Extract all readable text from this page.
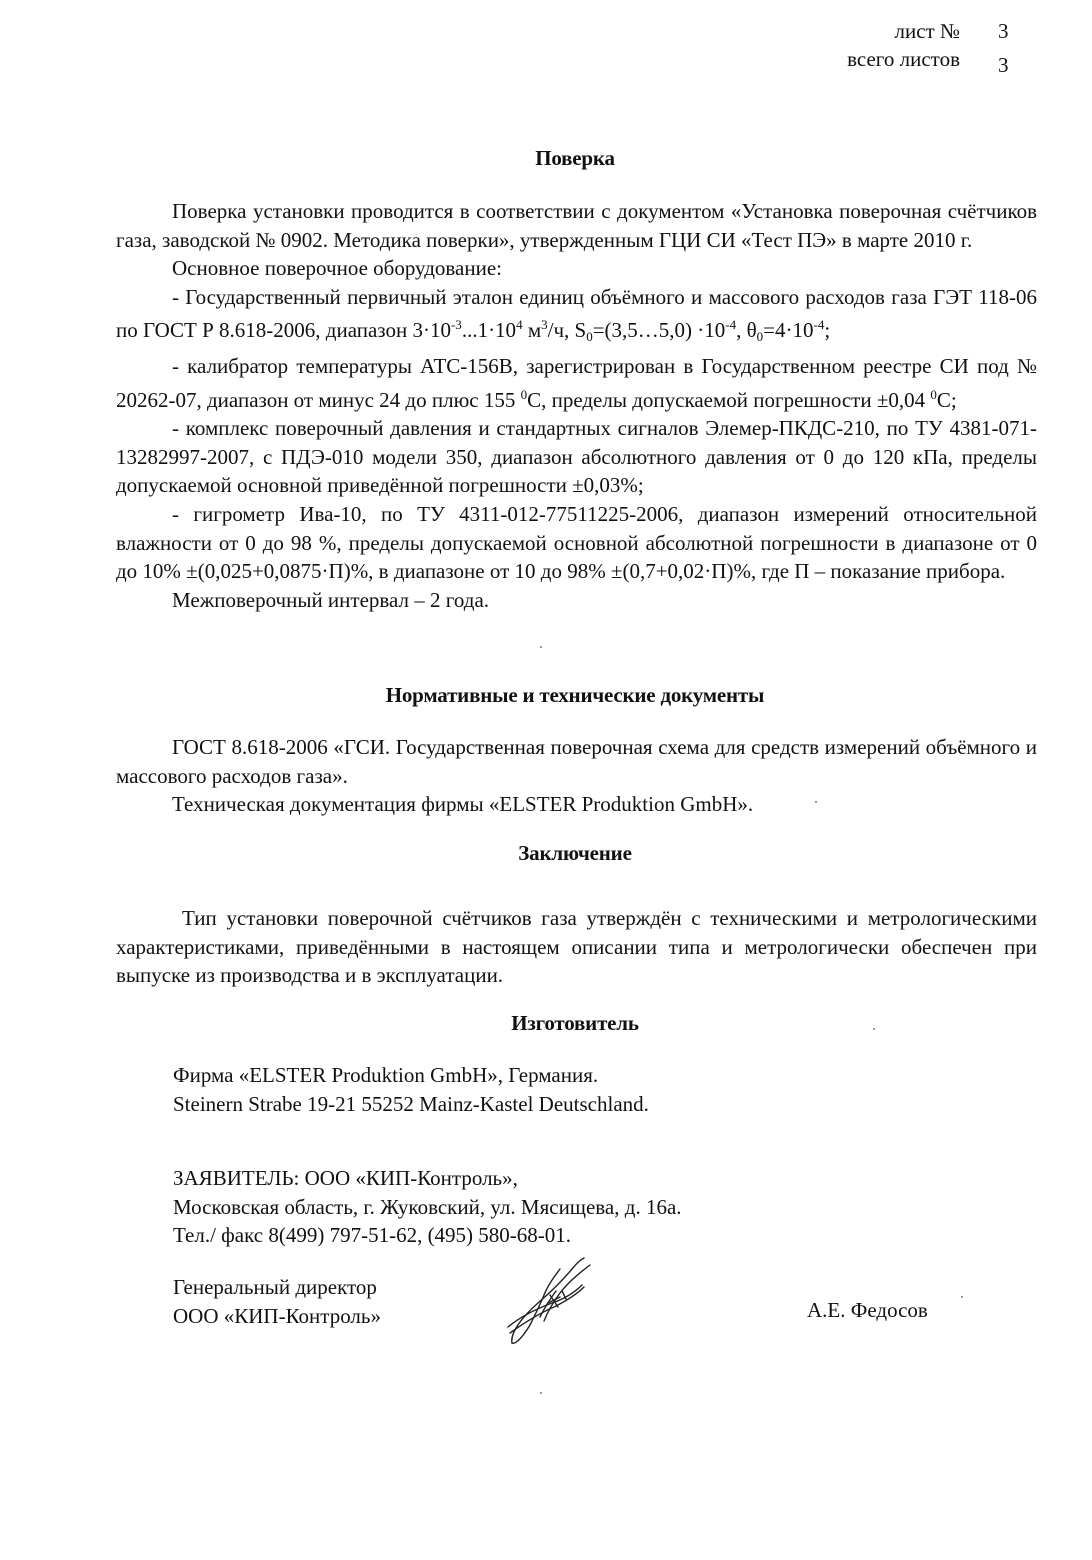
лист № 3
всего листов 3
Поверка

Поверка установки проводится в соответствии с документом «Установка поверочная счётчиков газа, заводской № 0902. Методика поверки», утвержденным ГЦИ СИ «Тест ПЭ» в марте 2010 г.

Основное поверочное оборудование:

- Государственный первичный эталон единиц объёмного и массового расходов газа ГЭТ 118-06 по ГОСТ Р 8.618-2006, диапазон $3\cdot 10^{-3}...1\cdot 10^4$ $м^3/ч$, $S_0=(3,5\dots 5,0) \cdot 10^{-4}$, $\theta_0=4\cdot 10^{-4}$;

- калибратор температуры АТС-156В, зарегистрирован в Государственном реестре СИ под № 20262-07, диапазон от минус 24 до плюс 155 $^0$С, пределы допускаемой погрешности ±0,04 $^0$С;

- комплекс поверочный давления и стандартных сигналов Элемер-ПКДС-210, по ТУ 4381-071-13282997-2007, с ПДЭ-010 модели 350, диапазон абсолютного давления от 0 до 120 кПа, пределы допускаемой основной приведённой погрешности ±0,03%;

- гигрометр Ива-10, по ТУ 4311-012-77511225-2006, диапазон измерений относительной влажности от 0 до 98 %, пределы допускаемой основной абсолютной погрешности в диапазоне от 0 до 10% ±(0,025+0,0875·П)%, в диапазоне от 10 до 98% ±(0,7+0,02·П)%, где П – показание прибора.

Межповерочный интервал – 2 года.

Нормативные и технические документы

ГОСТ 8.618-2006 «ГСИ. Государственная поверочная схема для средств измерений объёмного и массового расходов газа».

Техническая документация фирмы «ELSTER Produktion GmbH».

Заключение

Тип установки поверочной счётчиков газа утверждён с техническими и метрологическими характеристиками, приведёнными в настоящем описании типа и метрологически обеспечен при выпуске из производства и в эксплуатации.

Изготовитель
Фирма «ELSTER Produktion GmbH», Германия.
Steinern Strabe 19-21 55252 Mainz-Kastel Deutschland.
ЗАЯВИТЕЛЬ: ООО «КИП-Контроль»,
Московская область, г. Жуковский, ул. Мясищева, д. 16а.
Тел./ факс 8(499) 797-51-62, (495) 580-68-01.
Генеральный директор
ООО «КИП-Контроль»	А.Е. Федосов
